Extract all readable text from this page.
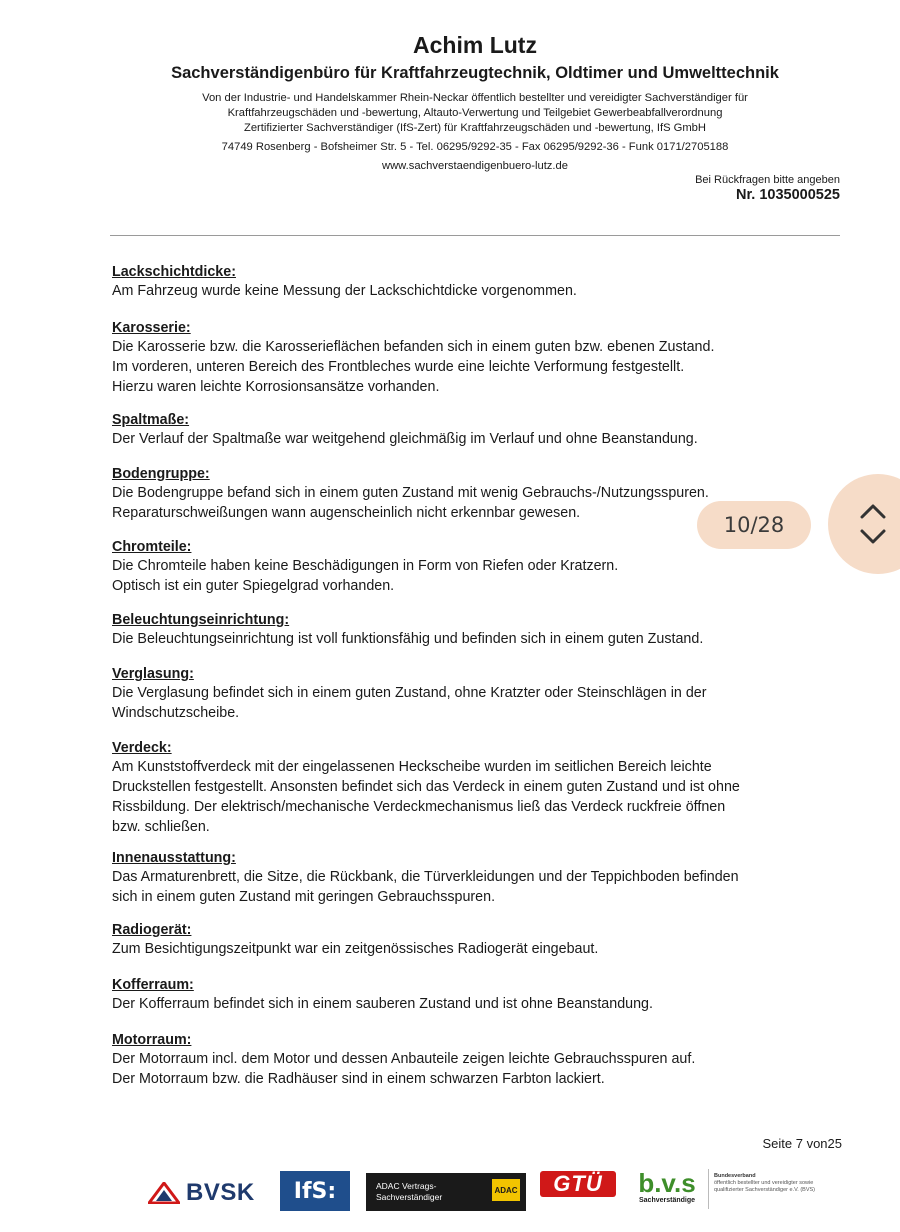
Achim Lutz
Sachverständigenbüro für Kraftfahrzeugtechnik, Oldtimer und Umwelttechnik
Von der Industrie- und Handelskammer Rhein-Neckar öffentlich bestellter und vereidigter Sachverständiger für
Kraftfahrzeugschäden und -bewertung, Altauto-Verwertung und Teilgebiet Gewerbeabfallverordnung
Zertifizierter Sachverständiger (IfS-Zert) für Kraftfahrzeugschäden und -bewertung, IfS GmbH
74749 Rosenberg - Bofsheimer Str. 5 - Tel. 06295/9292-35 - Fax 06295/9292-36 - Funk 0171/2705188
www.sachverstaendigenbuero-lutz.de
Bei Rückfragen bitte angeben
Nr. 1035000525
Lackschichtdicke:
Am Fahrzeug wurde keine Messung der Lackschichtdicke vorgenommen.
Karosserie:
Die Karosserie bzw. die Karosserieflächen befanden sich in einem guten bzw. ebenen Zustand.
Im vorderen, unteren Bereich des Frontbleches wurde eine leichte Verformung festgestellt.
Hierzu waren leichte Korrosionsansätze vorhanden.
Spaltmaße:
Der Verlauf der Spaltmaße war weitgehend gleichmäßig im Verlauf und ohne Beanstandung.
Bodengruppe:
Die Bodengruppe befand sich in einem guten Zustand mit wenig Gebrauchs-/Nutzungsspuren.
Reparaturschweißungen wann augenscheinlich nicht erkennbar gewesen.
Chromteile:
Die Chromteile haben keine Beschädigungen in Form von Riefen oder Kratzern.
Optisch ist ein guter Spiegelgrad vorhanden.
Beleuchtungseinrichtung:
Die Beleuchtungseinrichtung ist voll funktionsfähig und befinden sich in einem guten Zustand.
Verglasung:
Die Verglasung befindet sich in einem guten Zustand, ohne Kratzter oder Steinschlägen in der
Windschutzscheibe.
Verdeck:
Am Kunststoffverdeck mit der eingelassenen Heckscheibe wurden im seitlichen Bereich leichte
Druckstellen festgestellt. Ansonsten befindet sich das Verdeck in einem guten Zustand und ist ohne
Rissbildung. Der elektrisch/mechanische Verdeckmechanismus ließ das Verdeck ruckfreie öffnen
bzw. schließen.
Innenausstattung:
Das Armaturenbrett, die Sitze, die Rückbank, die Türverkleidungen und der Teppichboden befinden
sich in einem guten Zustand mit geringen Gebrauchsspuren.
Radiogerät:
Zum Besichtigungszeitpunkt war ein zeitgenössisches Radiogerät eingebaut.
Kofferraum:
Der Kofferraum befindet sich in einem sauberen Zustand und ist ohne Beanstandung.
Motorraum:
Der Motorraum incl. dem Motor und dessen Anbauteile zeigen leichte Gebrauchsspuren auf.
Der Motorraum bzw. die Radhäuser sind in einem schwarzen Farbton lackiert.
Seite 7 von25
BVSK IfS:	ADAC Vertrags-Sachverständiger
ADAC	GTÜ	b.v.s
Sachverständige
Bundesverband
öffentlich bestellter und vereidigter sowie qualifizierter Sachverständiger e.V. (BVS)
10/28
